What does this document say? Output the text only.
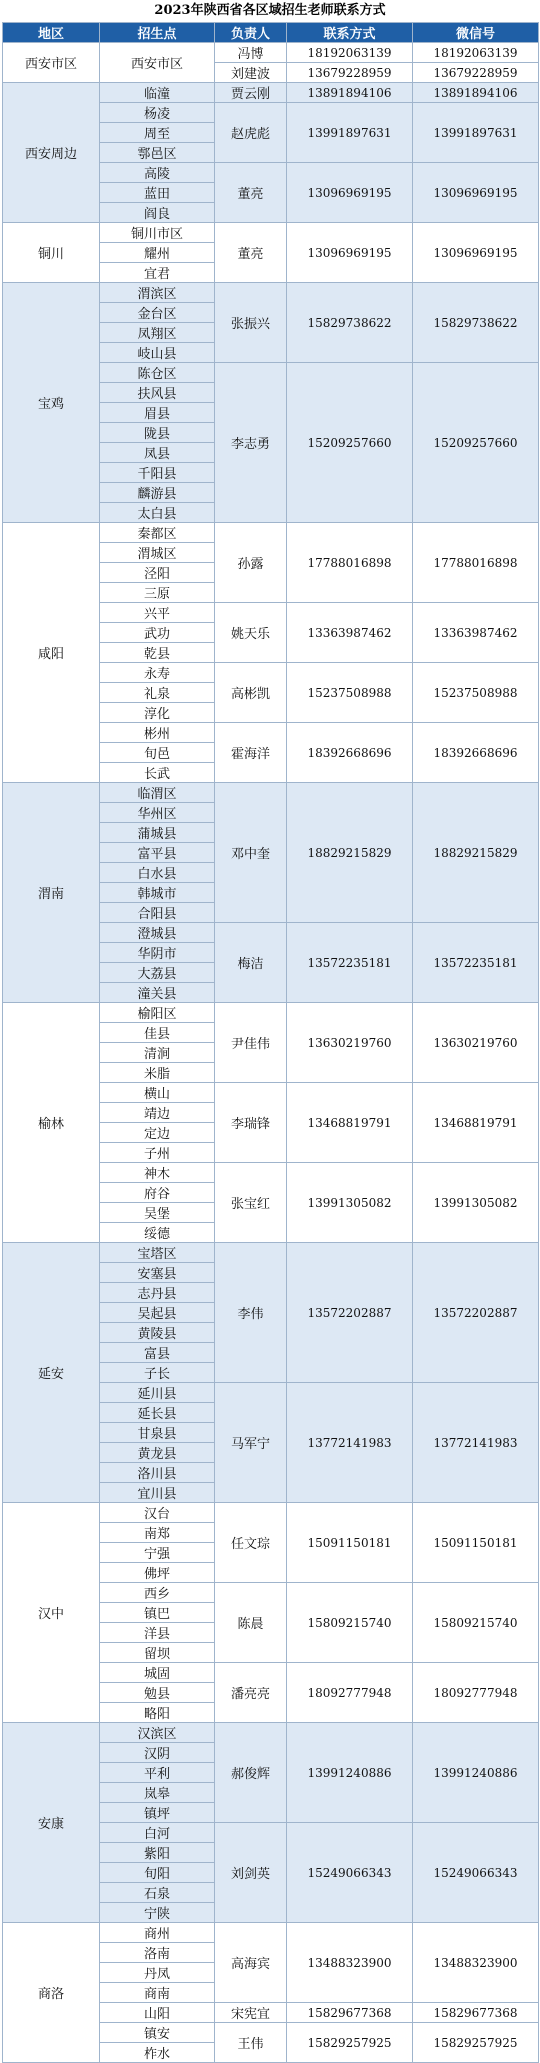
2023年陕西省各区域招生老师联系方式
地区	招生点	负责人	联系方式	微信号
西安市区	西安市区	冯博	18192063139	18192063139
		刘建波	13679228959	13679228959
西安周边	临潼	贾云刚	13891894106	13891894106
	杨凌	赵虎彪	13991897631	13991897631
	周至			
	鄠邑区			
	高陵	董亮	13096969195	13096969195
	蓝田			
	阎良			
铜川	铜川市区	董亮	13096969195	13096969195
	耀州			
	宜君			
宝鸡	渭滨区	张振兴	15829738622	15829738622
	金台区			
	凤翔区			
	岐山县			
	陈仓区	李志勇	15209257660	15209257660
	扶风县			
	眉县			
	陇县			
	凤县			
	千阳县			
	麟游县			
	太白县			
咸阳	秦都区	孙露	17788016898	17788016898
	渭城区			
	泾阳			
	三原			
	兴平	姚天乐	13363987462	13363987462
	武功			
	乾县			
	永寿	高彬凯	15237508988	15237508988
	礼泉			
	淳化			
	彬州	霍海洋	18392668696	18392668696
	旬邑			
	长武			
渭南	临渭区	邓中奎	18829215829	18829215829
	华州区			
	蒲城县			
	富平县			
	白水县			
	韩城市			
	合阳县			
	澄城县	梅洁	13572235181	13572235181
	华阴市			
	大荔县			
	潼关县			
榆林	榆阳区	尹佳伟	13630219760	13630219760
	佳县			
	清涧			
	米脂			
	横山	李瑞锋	13468819791	13468819791
	靖边			
	定边			
	子州			
	神木	张宝红	13991305082	13991305082
	府谷			
	吴堡			
	绥德			
延安	宝塔区	李伟	13572202887	13572202887
	安塞县			
	志丹县			
	吴起县			
	黄陵县			
	富县			
	子长			
	延川县	马军宁	13772141983	13772141983
	延长县			
	甘泉县			
	黄龙县			
	洛川县			
	宜川县			
汉中	汉台	任文琮	15091150181	15091150181
	南郑			
	宁强			
	佛坪			
	西乡	陈晨	15809215740	15809215740
	镇巴			
	洋县			
	留坝			
	城固	潘亮亮	18092777948	18092777948
	勉县			
	略阳			
安康	汉滨区	郝俊辉	13991240886	13991240886
	汉阴			
	平利			
	岚皋			
	镇坪			
	白河	刘剑英	15249066343	15249066343
	紫阳			
	旬阳			
	石泉			
	宁陕			
商洛	商州	高海宾	13488323900	13488323900
	洛南			
	丹凤			
	商南			
	山阳	宋宪宜	15829677368	15829677368
	镇安	王伟	15829257925	15829257925
	柞水			
